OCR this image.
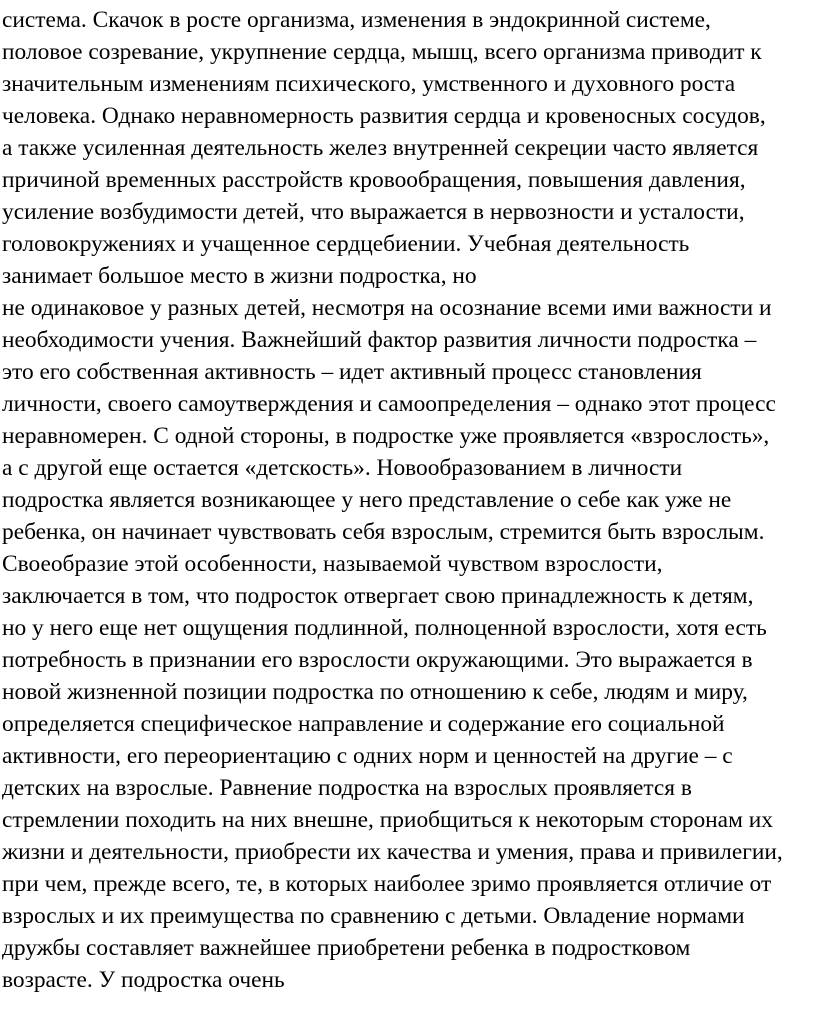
система. Скачок в росте организма, изменения в эндокринной системе,
половое созревание, укрупнение сердца, мышц, всего организма приводит к
значительным изменениям психического, умственного и духовного роста
человека. Однако неравномерность развития сердца и кровеносных сосудов,
а также усиленная деятельность желез внутренней секреции часто является
причиной временных расстройств кровообращения, повышения давления,
усиление возбудимости детей, что выражается в нервозности и усталости,
головокружениях и учащенное сердцебиении. Учебная деятельность
занимает большое место в жизни подростка, но
не одинаковое у разных детей, несмотря на осознание всеми ими важности и
необходимости учения. Важнейший фактор развития личности подростка –
это его собственная активность – идет активный процесс становления
личности, своего самоутверждения и самоопределения – однако этот процесс
неравномерен. С одной стороны, в подростке уже проявляется «взрослость»,
а с другой еще остается «детскость». Новообразованием в личности
подростка является возникающее у него представление о себе как уже не
ребенка, он начинает чувствовать себя взрослым, стремится быть взрослым.
Своеобразие этой особенности, называемой чувством взрослости,
заключается в том, что подросток отвергает свою принадлежность к детям,
но у него еще нет ощущения подлинной, полноценной взрослости, хотя есть
потребность в признании его взрослости окружающими. Это выражается в
новой жизненной позиции подростка по отношению к себе, людям и миру,
определяется специфическое направление и содержание его социальной
активности, его переориентацию с одних норм и ценностей на другие – с
детских на взрослые. Равнение подростка на взрослых проявляется в
стремлении походить на них внешне, приобщиться к некоторым сторонам их
жизни и деятельности, приобрести их качества и умения, права и привилегии,
при чем, прежде всего, те, в которых наиболее зримо проявляется отличие от
взрослых и их преимущества по сравнению с детьми. Овладение нормами
дружбы составляет важнейшее приобретени ребенка в подростковом
возрасте. У подростка очень
